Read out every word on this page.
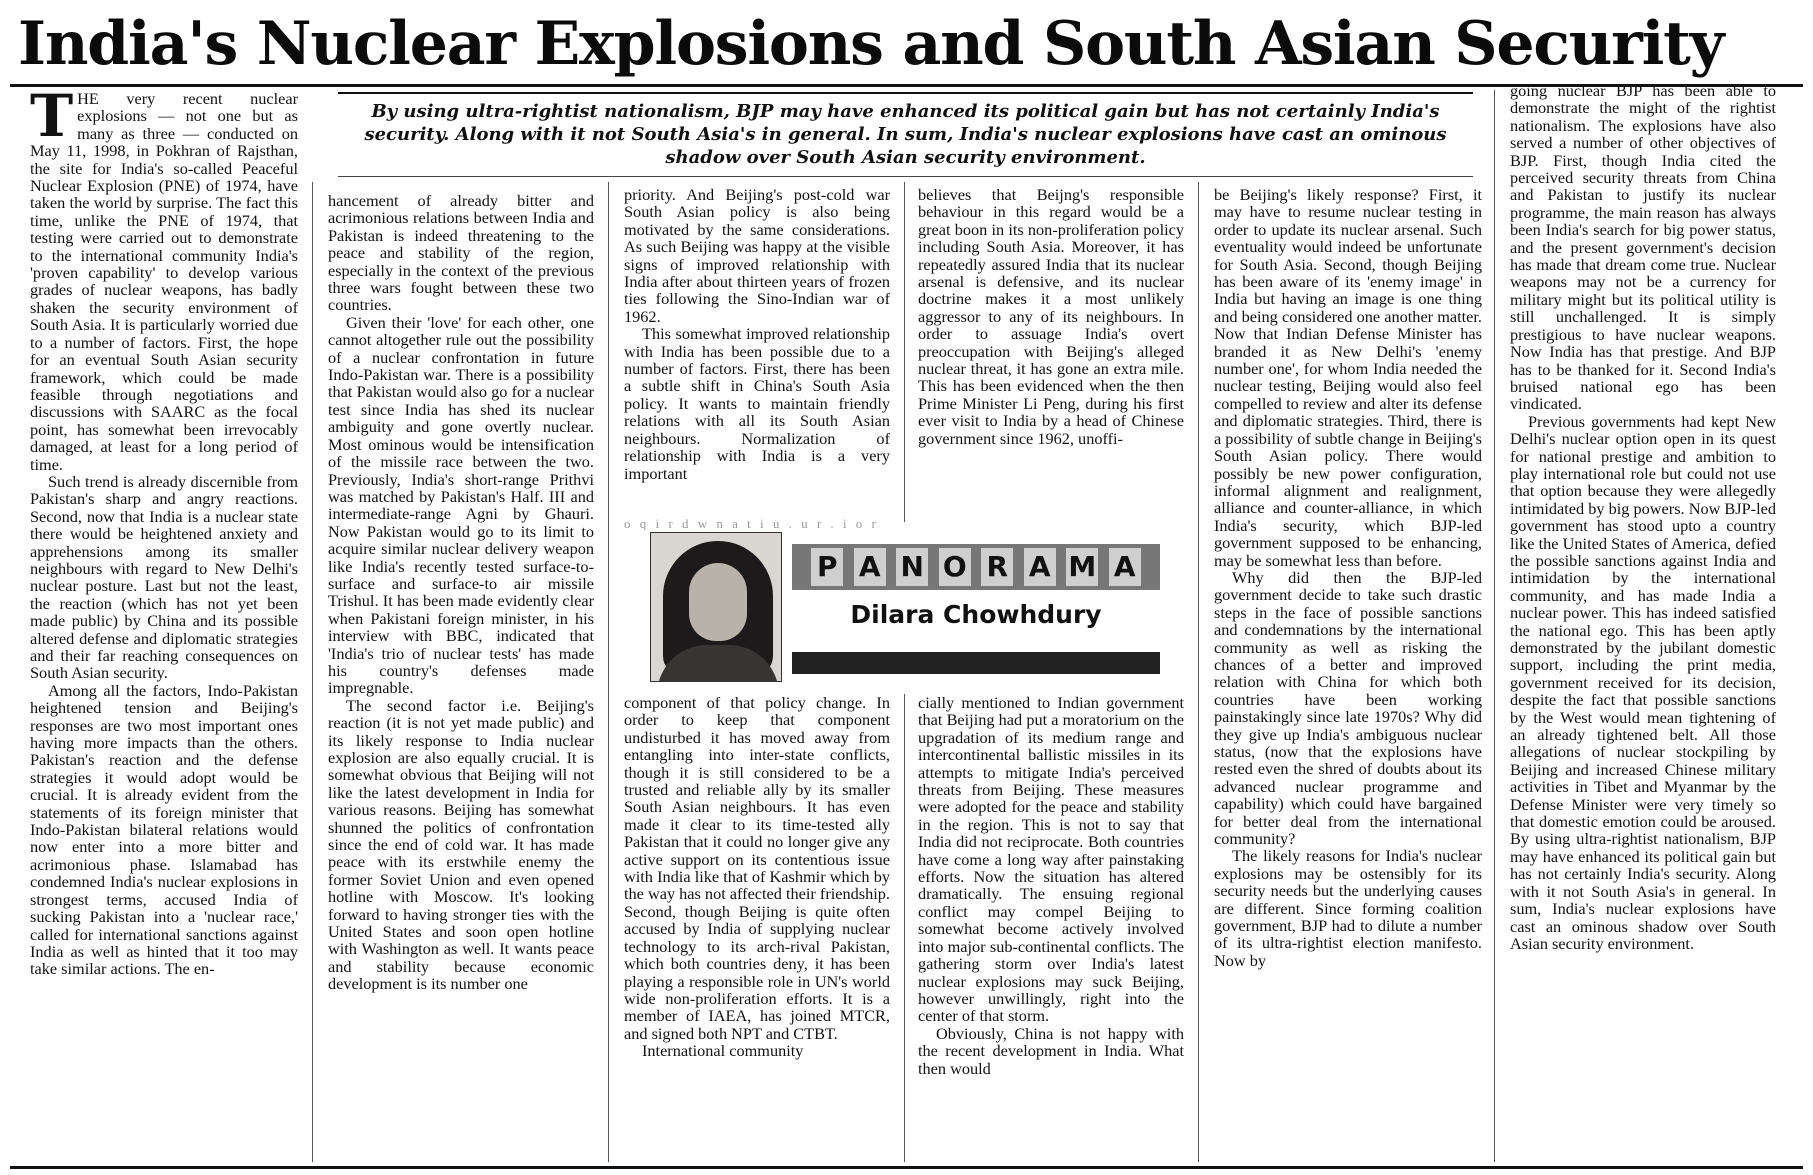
India's Nuclear Explosions and South Asian Security
T HE very recent nuclear explosions — not one but as many as three — conducted on May 11, 1998, in Pokhran of Rajsthan, the site for India's so-called Peaceful Nuclear Explosion (PNE) of 1974, have taken the world by surprise. The fact this time, unlike the PNE of 1974, that testing were carried out to demonstrate to the international community India's 'proven capability' to develop various grades of nuclear weapons, has badly shaken the security environment of South Asia. It is particularly worried due to a number of factors. First, the hope for an eventual South Asian security framework, which could be made feasible through negotiations and discussions with SAARC as the focal point, has somewhat been irrevocably damaged, at least for a long period of time.

Such trend is already discernible from Pakistan's sharp and angry reactions. Second, now that India is a nuclear state there would be heightened anxiety and apprehensions among its smaller neighbours with regard to New Delhi's nuclear posture. Last but not the least, the reaction (which has not yet been made public) by China and its possible altered defense and diplomatic strategies and their far reaching consequences on South Asian security.

Among all the factors, Indo-Pakistan heightened tension and Beijing's responses are two most important ones having more impacts than the others. Pakistan's reaction and the defense strategies it would adopt would be crucial. It is already evident from the statements of its foreign minister that Indo-Pakistan bilateral relations would now enter into a more bitter and acrimonious phase. Islamabad has condemned India's nuclear explosions in strongest terms, accused India of sucking Pakistan into a 'nuclear race,' called for international sanctions against India as well as hinted that it too may take similar actions. The en-

By using ultra-rightist nationalism, BJP may have enhanced its political gain but has not certainly India's security. Along with it not South Asia's in general. In sum, India's nuclear explosions have cast an ominous shadow over South Asian security environment.

hancement of already bitter and acrimonious relations between India and Pakistan is indeed threatening to the peace and stability of the region, especially in the context of the previous three wars fought between these two countries.

Given their 'love' for each other, one cannot altogether rule out the possibility of a nuclear confrontation in future Indo-Pakistan war. There is a possibility that Pakistan would also go for a nuclear test since India has shed its nuclear ambiguity and gone overtly nuclear. Most ominous would be intensification of the missile race between the two. Previously, India's short-range Prithvi was matched by Pakistan's Half. III and intermediate-range Agni by Ghauri. Now Pakistan would go to its limit to acquire similar nuclear delivery weapon like India's recently tested surface-to-surface and surface-to air missile Trishul. It has been made evidently clear when Pakistani foreign minister, in his interview with BBC, indicated that 'India's trio of nuclear tests' has made his country's defenses made impregnable.

The second factor i.e. Beijing's reaction (it is not yet made public) and its likely response to India nuclear explosion are also equally crucial. It is somewhat obvious that Beijing will not like the latest development in India for various reasons. Beijing has somewhat shunned the politics of confrontation since the end of cold war. It has made peace with its erstwhile enemy the former Soviet Union and even opened hotline with Moscow. It's looking forward to having stronger ties with the United States and soon open hotline with Washington as well. It wants peace and stability because economic development is its number one

priority. And Beijing's post-cold war South Asian policy is also being motivated by the same considerations. As such Beijing was happy at the visible signs of improved relationship with India after about thirteen years of frozen ties following the Sino-Indian war of 1962.

This somewhat improved relationship with India has been possible due to a number of factors. First, there has been a subtle shift in China's South Asia policy. It wants to maintain friendly relations with all its South Asian neighbours. Normalization of relationship with India is a very important

o q i r d w n a t i u . u r . i o r

believes that Beijng's responsible behaviour in this regard would be a great boon in its non-proliferation policy including South Asia. Moreover, it has repeatedly assured India that its nuclear arsenal is defensive, and its nuclear doctrine makes it a most unlikely aggressor to any of its neighbours. In order to assuage India's overt preoccupation with Beijing's alleged nuclear threat, it has gone an extra mile. This has been evidenced when the then Prime Minister Li Peng, during his first ever visit to India by a head of Chinese government since 1962, unoffi-

P A N O R A M A
Dilara Chowhdury

component of that policy change. In order to keep that component undisturbed it has moved away from entangling into inter-state conflicts, though it is still considered to be a trusted and reliable ally by its smaller South Asian neighbours. It has even made it clear to its time-tested ally Pakistan that it could no longer give any active support on its contentious issue with India like that of Kashmir which by the way has not affected their friendship. Second, though Beijing is quite often accused by India of supplying nuclear technology to its arch-rival Pakistan, which both countries deny, it has been playing a responsible role in UN's world wide non-proliferation efforts. It is a member of IAEA, has joined MTCR, and signed both NPT and CTBT.

International community

cially mentioned to Indian government that Beijing had put a moratorium on the upgradation of its medium range and intercontinental ballistic missiles in its attempts to mitigate India's perceived threats from Beijing. These measures were adopted for the peace and stability in the region. This is not to say that India did not reciprocate. Both countries have come a long way after painstaking efforts. Now the situation has altered dramatically. The ensuing regional conflict may compel Beijing to somewhat become actively involved into major sub-continental conflicts. The gathering storm over India's latest nuclear explosions may suck Beijing, however unwillingly, right into the center of that storm.

Obviously, China is not happy with the recent development in India. What then would

be Beijing's likely response? First, it may have to resume nuclear testing in order to update its nuclear arsenal. Such eventuality would indeed be unfortunate for South Asia. Second, though Beijing has been aware of its 'enemy image' in India but having an image is one thing and being considered one another matter. Now that Indian Defense Minister has branded it as New Delhi's 'enemy number one', for whom India needed the nuclear testing, Beijing would also feel compelled to review and alter its defense and diplomatic strategies. Third, there is a possibility of subtle change in Beijing's South Asian policy. There would possibly be new power configuration, informal alignment and realignment, alliance and counter-alliance, in which India's security, which BJP-led government supposed to be enhancing, may be somewhat less than before.

Why did then the BJP-led government decide to take such drastic steps in the face of possible sanctions and condemnations by the international community as well as risking the chances of a better and improved relation with China for which both countries have been working painstakingly since late 1970s? Why did they give up India's ambiguous nuclear status, (now that the explosions have rested even the shred of doubts about its advanced nuclear programme and capability) which could have bargained for better deal from the international community?

The likely reasons for India's nuclear explosions may be ostensibly for its security needs but the underlying causes are different. Since forming coalition government, BJP had to dilute a number of its ultra-rightist election manifesto. Now by

going nuclear BJP has been able to demonstrate the might of the rightist nationalism. The explosions have also served a number of other objectives of BJP. First, though India cited the perceived security threats from China and Pakistan to justify its nuclear programme, the main reason has always been India's search for big power status, and the present government's decision has made that dream come true. Nuclear weapons may not be a currency for military might but its political utility is still unchallenged. It is simply prestigious to have nuclear weapons. Now India has that prestige. And BJP has to be thanked for it. Second India's bruised national ego has been vindicated.

Previous governments had kept New Delhi's nuclear option open in its quest for national prestige and ambition to play international role but could not use that option because they were allegedly intimidated by big powers. Now BJP-led government has stood upto a country like the United States of America, defied the possible sanctions against India and intimidation by the international community, and has made India a nuclear power. This has indeed satisfied the national ego. This has been aptly demonstrated by the jubilant domestic support, including the print media, government received for its decision, despite the fact that possible sanctions by the West would mean tightening of an already tightened belt. All those allegations of nuclear stockpiling by Beijing and increased Chinese military activities in Tibet and Myanmar by the Defense Minister were very timely so that domestic emotion could be aroused. By using ultra-rightist nationalism, BJP may have enhanced its political gain but has not certainly India's security. Along with it not South Asia's in general. In sum, India's nuclear explosions have cast an ominous shadow over South Asian security environment.
